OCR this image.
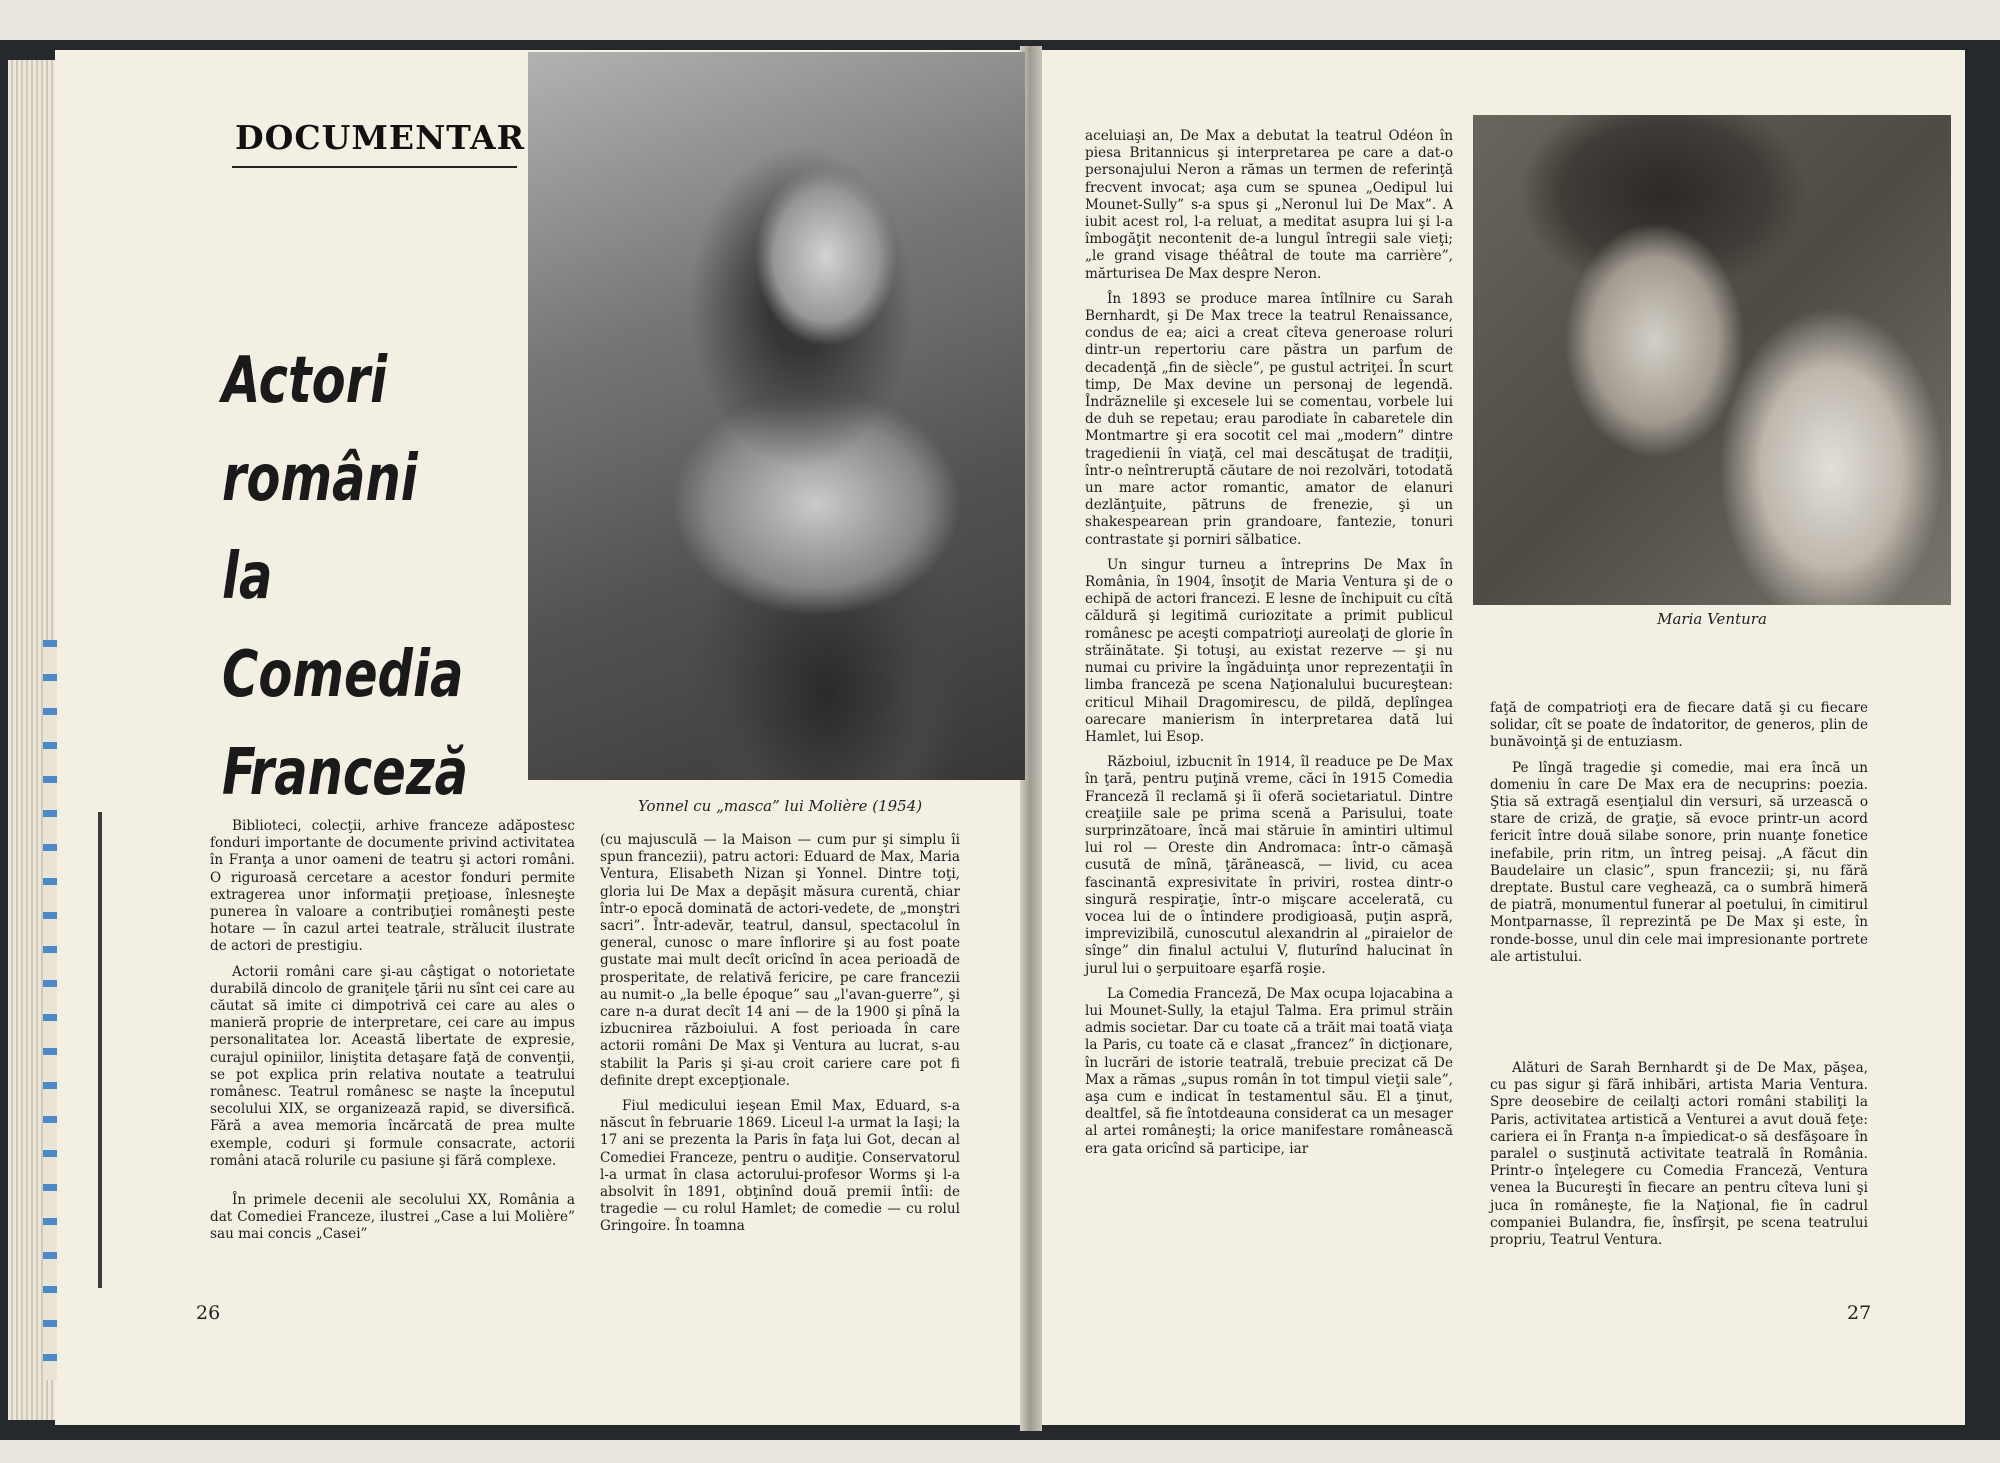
DOCUMENTAR
Actori
români
la
Comedia
Franceză	Yonnel cu „masca” lui Molière (1954)
Maria Ventura

Biblioteci, colecţii, arhive franceze adăpostesc fonduri importante de documente privind activitatea în Franţa a unor oameni de teatru şi actori români. O riguroasă cercetare a acestor fonduri permite extragerea unor informaţii preţioase, înlesneşte punerea în valoare a contribuţiei româneşti peste hotare — în cazul artei teatrale, strălucit ilustrate de actori de prestigiu.

Actorii români care şi-au câştigat o notorietate durabilă dincolo de graniţele ţării nu sînt cei care au căutat să imite ci dimpotrivă cei care au ales o manieră proprie de interpretare, cei care au impus personalitatea lor. Această libertate de expresie, curajul opiniilor, liniştita detaşare faţă de convenţii, se pot explica prin relativa noutate a teatrului românesc. Teatrul românesc se naşte la începutul secolului XIX, se organizează rapid, se diversifică. Fără a avea memoria încărcată de prea multe exemple, coduri şi formule consacrate, actorii români atacă rolurile cu pasiune şi fără complexe.

În primele decenii ale secolului XX, România a dat Comediei Franceze, ilustrei „Case a lui Molière” sau mai concis „Casei”

(cu majusculă — la Maison — cum pur şi simplu îi spun francezii), patru actori: Eduard de Max, Maria Ventura, Elisabeth Nizan şi Yonnel. Dintre toţi, gloria lui De Max a depăşit măsura curentă, chiar într-o epocă dominată de actori-vedete, de „monştri sacri”. Într-adevăr, teatrul, dansul, spectacolul în general, cunosc o mare înflorire şi au fost poate gustate mai mult decît oricînd în acea perioadă de prosperitate, de relativă fericire, pe care francezii au numit-o „la belle époque” sau „l'avan-guerre”, şi care n-a durat decît 14 ani — de la 1900 şi pînă la izbucnirea războiului. A fost perioada în care actorii români De Max şi Ventura au lucrat, s-au stabilit la Paris şi şi-au croit cariere care pot fi definite drept excepţionale.

Fiul medicului ieşean Emil Max, Eduard, s-a născut în februarie 1869. Liceul l-a urmat la Iaşi; la 17 ani se prezenta la Paris în faţa lui Got, decan al Comediei Franceze, pentru o audiţie. Conservatorul l-a urmat în clasa actorului-profesor Worms şi l-a absolvit în 1891, obţinînd două premii întîi: de tragedie — cu rolul Hamlet; de comedie — cu rolul Gringoire. În toamna

aceluiaşi an, De Max a debutat la teatrul Odéon în piesa Britannicus şi interpretarea pe care a dat-o personajului Neron a rămas un termen de referinţă frecvent invocat; aşa cum se spunea „Oedipul lui Mounet-Sully” s-a spus şi „Neronul lui De Max”. A iubit acest rol, l-a reluat, a meditat asupra lui şi l-a îmbogăţit necontenit de-a lungul întregii sale vieţi; „le grand visage théâtral de toute ma carrière”, mărturisea De Max despre Neron.

În 1893 se produce marea întîlnire cu Sarah Bernhardt, şi De Max trece la teatrul Renaissance, condus de ea; aici a creat cîteva generoase roluri dintr-un repertoriu care păstra un parfum de decadenţă „fin de siècle”, pe gustul actriţei. În scurt timp, De Max devine un personaj de legendă. Îndrăznelile şi excesele lui se comentau, vorbele lui de duh se repetau; erau parodiate în cabaretele din Montmartre şi era socotit cel mai „modern” dintre tragedienii în viaţă, cel mai descătuşat de tradiţii, într-o neîntreruptă căutare de noi rezolvări, totodată un mare actor romantic, amator de elanuri dezlănţuite, pătruns de frenezie, şi un shakespearean prin grandoare, fantezie, tonuri contrastate şi porniri sălbatice.

Un singur turneu a întreprins De Max în România, în 1904, însoţit de Maria Ventura şi de o echipă de actori francezi. E lesne de închipuit cu cîtă căldură şi legitimă curiozitate a primit publicul românesc pe aceşti compatrioţi aureolaţi de glorie în străinătate. Şi totuşi, au existat rezerve — şi nu numai cu privire la îngăduinţa unor reprezentaţii în limba franceză pe scena Naţionalului bucureştean: criticul Mihail Dragomirescu, de pildă, deplîngea oarecare manierism în interpretarea dată lui Hamlet, lui Esop.

Războiul, izbucnit în 1914, îl readuce pe De Max în ţară, pentru puţină vreme, căci în 1915 Comedia Franceză îl reclamă şi îi oferă societariatul. Dintre creaţiile sale pe prima scenă a Parisului, toate surprinzătoare, încă mai stăruie în amintiri ultimul lui rol — Oreste din Andromaca: într-o cămaşă cusută de mînă, ţărănească, — livid, cu acea fascinantă expresivitate în priviri, rostea dintr-o singură respiraţie, într-o mişcare accelerată, cu vocea lui de o întindere prodigioasă, puţin aspră, imprevizibilă, cunoscutul alexandrin al „piraielor de sînge” din finalul actului V, fluturînd halucinat în jurul lui o şerpuitoare eşarfă roşie.

La Comedia Franceză, De Max ocupa lojacabina a lui Mounet-Sully, la etajul Talma. Era primul străin admis societar. Dar cu toate că a trăit mai toată viaţa la Paris, cu toate că e clasat „francez” în dicţionare, în lucrări de istorie teatrală, trebuie precizat că De Max a rămas „supus român în tot timpul vieţii sale”, aşa cum e indicat în testamentul său. El a ţinut, dealtfel, să fie întotdeauna considerat ca un mesager al artei româneşti; la orice manifestare românească era gata oricînd să participe, iar

faţă de compatrioţi era de fiecare dată şi cu fiecare solidar, cît se poate de îndatoritor, de generos, plin de bunăvoinţă şi de entuziasm.

Pe lîngă tragedie şi comedie, mai era încă un domeniu în care De Max era de necuprins: poezia. Ştia să extragă esenţialul din versuri, să urzească o stare de criză, de graţie, să evoce printr-un acord fericit între două silabe sonore, prin nuanţe fonetice inefabile, prin ritm, un întreg peisaj. „A făcut din Baudelaire un clasic”, spun francezii; şi, nu fără dreptate. Bustul care veghează, ca o sumbră himeră de piatră, monumentul funerar al poetului, în cimitirul Montparnasse, îl reprezintă pe De Max şi este, în ronde-bosse, unul din cele mai impresionante portrete ale artistului.

Alături de Sarah Bernhardt şi de De Max, păşea, cu pas sigur şi fără inhibări, artista Maria Ventura. Spre deosebire de ceilalţi actori români stabiliţi la Paris, activitatea artistică a Venturei a avut două feţe: cariera ei în Franţa n-a împiedicat-o să desfăşoare în paralel o susţinută activitate teatrală în România. Printr-o înţelegere cu Comedia Franceză, Ventura venea la Bucureşti în fiecare an pentru cîteva luni şi juca în româneşte, fie la Naţional, fie în cadrul companiei Bulandra, fie, însfîrşit, pe scena teatrului propriu, Teatrul Ventura.

26	27
